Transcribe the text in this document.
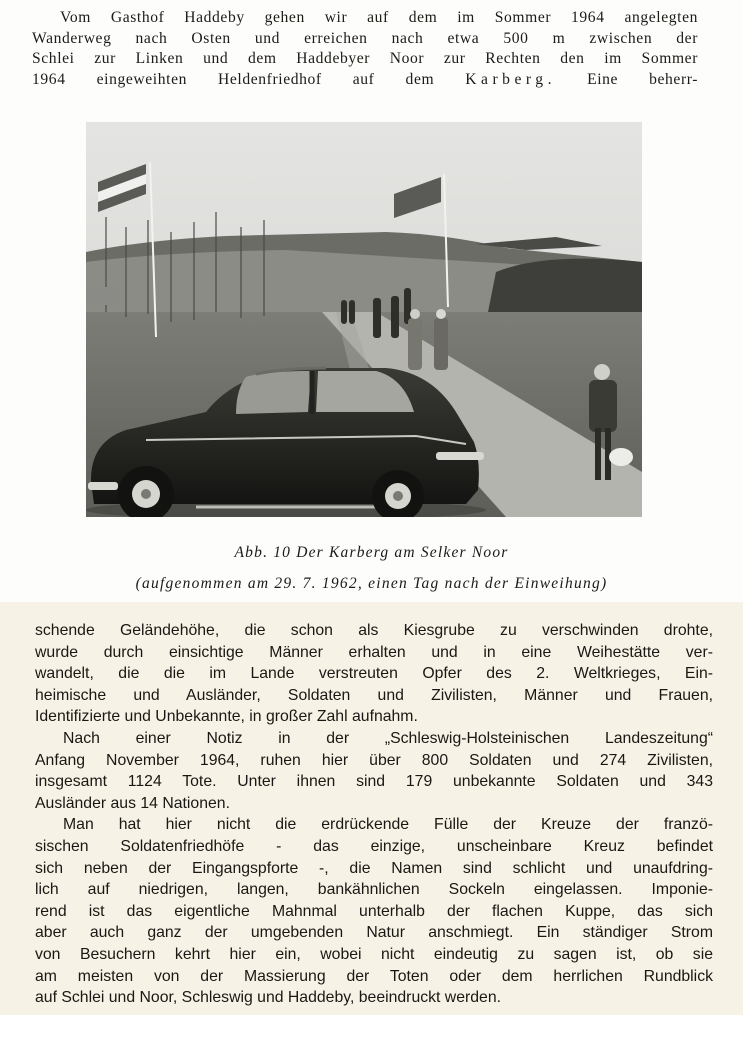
Vom Gasthof Haddeby gehen wir auf dem im Sommer 1964 angelegten
Wanderweg nach Osten und erreichen nach etwa 500 m zwischen der
Schlei zur Linken und dem Haddebyer Noor zur Rechten den im Sommer
1964 eingeweihten Heldenfriedhof auf dem Karberg. Eine beherr-
Abb. 10 Der Karberg am Selker Noor
(aufgenommen am 29. 7. 1962, einen Tag nach der Einweihung)
schende Geländehöhe, die schon als Kiesgrube zu verschwinden drohte,
wurde durch einsichtige Männer erhalten und in eine Weihestätte ver-
wandelt, die die im Lande verstreuten Opfer des 2. Weltkrieges, Ein-
heimische und Ausländer, Soldaten und Zivilisten, Männer und Frauen,
Identifizierte und Unbekannte, in großer Zahl aufnahm.
Nach einer Notiz in der „Schleswig-Holsteinischen Landeszeitung“
Anfang November 1964, ruhen hier über 800 Soldaten und 274 Zivilisten,
insgesamt 1124 Tote. Unter ihnen sind 179 unbekannte Soldaten und 343
Ausländer aus 14 Nationen.
Man hat hier nicht die erdrückende Fülle der Kreuze der franzö-
sischen Soldatenfriedhöfe - das einzige, unscheinbare Kreuz befindet
sich neben der Eingangspforte -, die Namen sind schlicht und unaufdring-
lich auf niedrigen, langen, bankähnlichen Sockeln eingelassen. Imponie-
rend ist das eigentliche Mahnmal unterhalb der flachen Kuppe, das sich
aber auch ganz der umgebenden Natur anschmiegt. Ein ständiger Strom
von Besuchern kehrt hier ein, wobei nicht eindeutig zu sagen ist, ob sie
am meisten von der Massierung der Toten oder dem herrlichen Rundblick
auf Schlei und Noor, Schleswig und Haddeby, beeindruckt werden.
